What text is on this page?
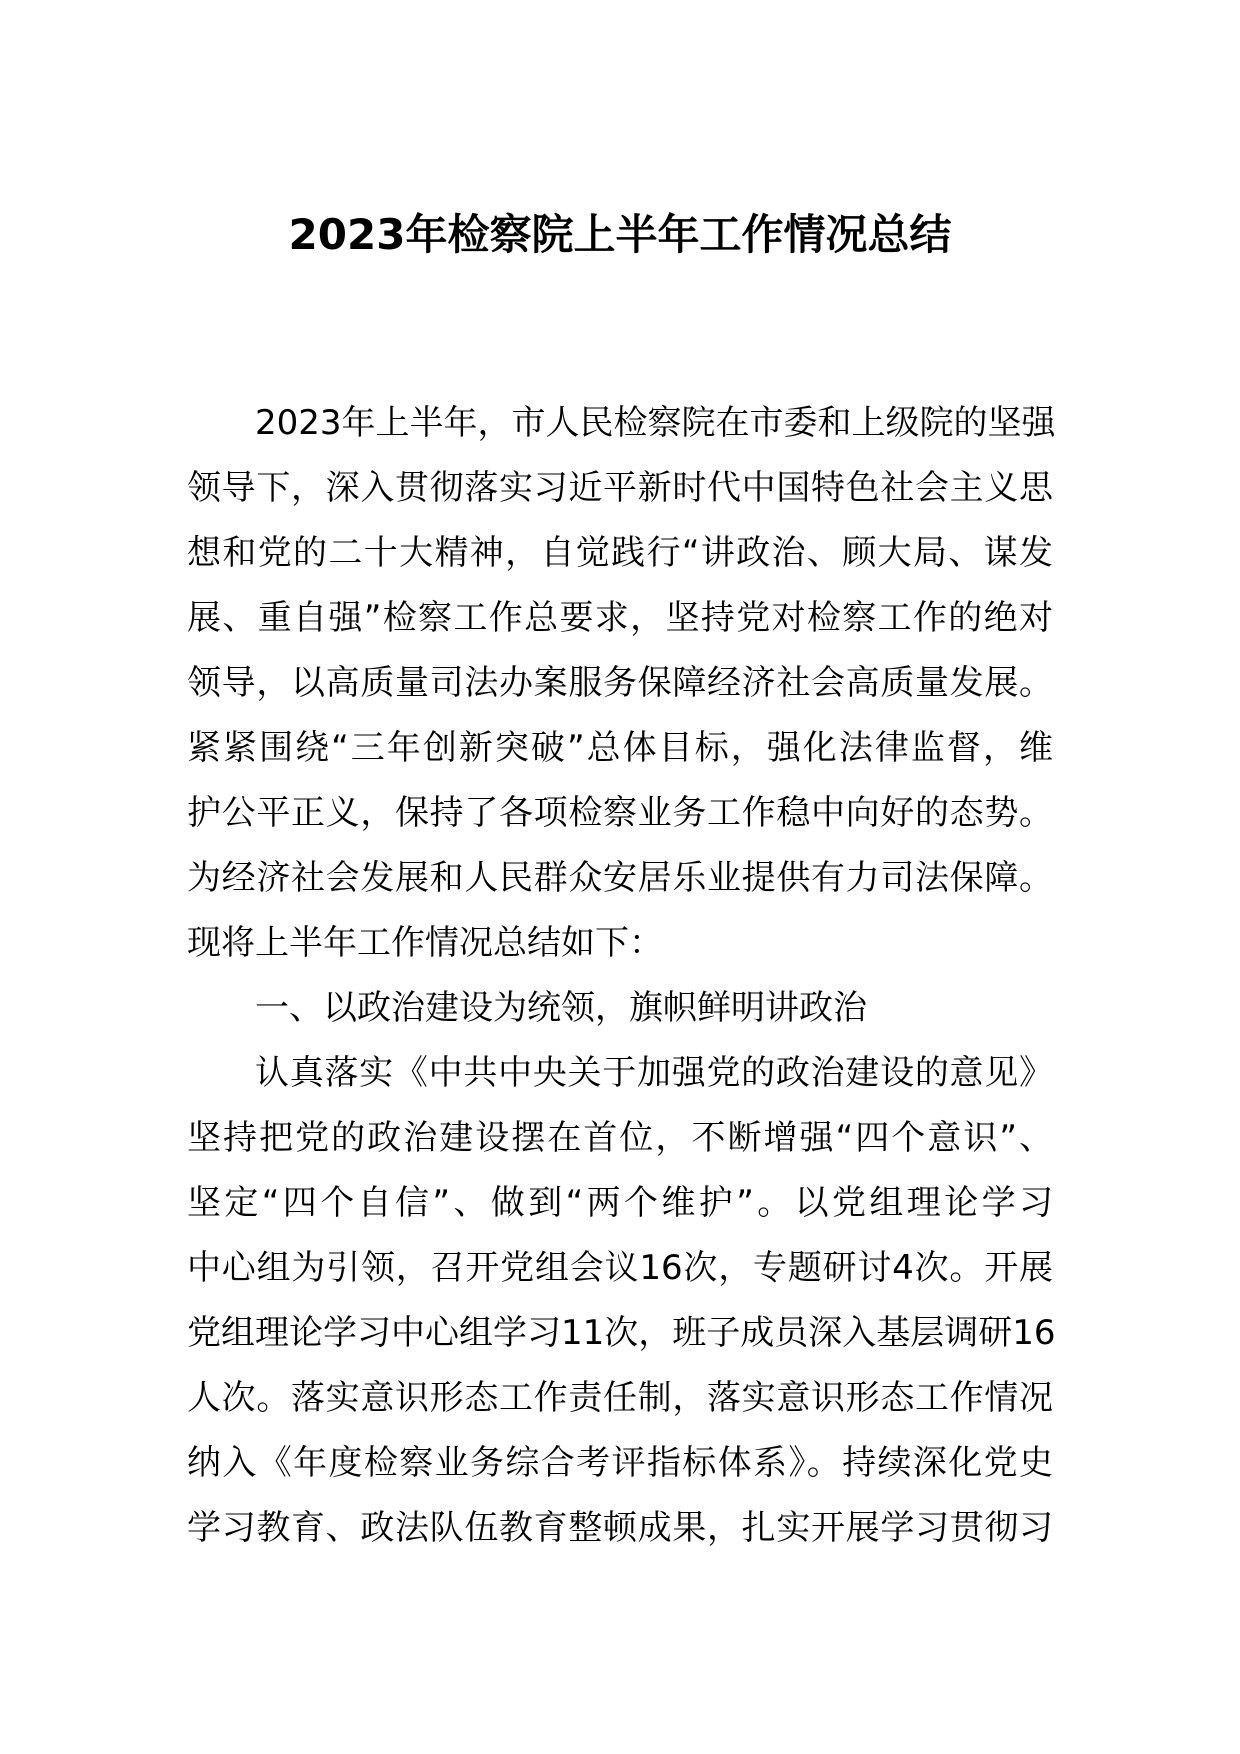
2023年检察院上半年工作情况总结
2023年上半年，市人民检察院在市委和上级院的坚强
领导下，深入贯彻落实习近平新时代中国特色社会主义思
想和党的二十大精神，自觉践行“讲政治、顾大局、谋发
展、重自强”检察工作总要求，坚持党对检察工作的绝对
领导，以高质量司法办案服务保障经济社会高质量发展。
紧紧围绕“三年创新突破”总体目标，强化法律监督，维
护公平正义，保持了各项检察业务工作稳中向好的态势。
为经济社会发展和人民群众安居乐业提供有力司法保障。
现将上半年工作情况总结如下：
一、以政治建设为统领，旗帜鲜明讲政治
认真落实《中共中央关于加强党的政治建设的意见》
坚持把党的政治建设摆在首位，不断增强“四个意识”、
坚定“四个自信”、做到“两个维护”。以党组理论学习
中心组为引领，召开党组会议16次，专题研讨4次。开展
党组理论学习中心组学习11次，班子成员深入基层调研16
人次。落实意识形态工作责任制，落实意识形态工作情况
纳入《年度检察业务综合考评指标体系》。持续深化党史
学习教育、政法队伍教育整顿成果，扎实开展学习贯彻习
